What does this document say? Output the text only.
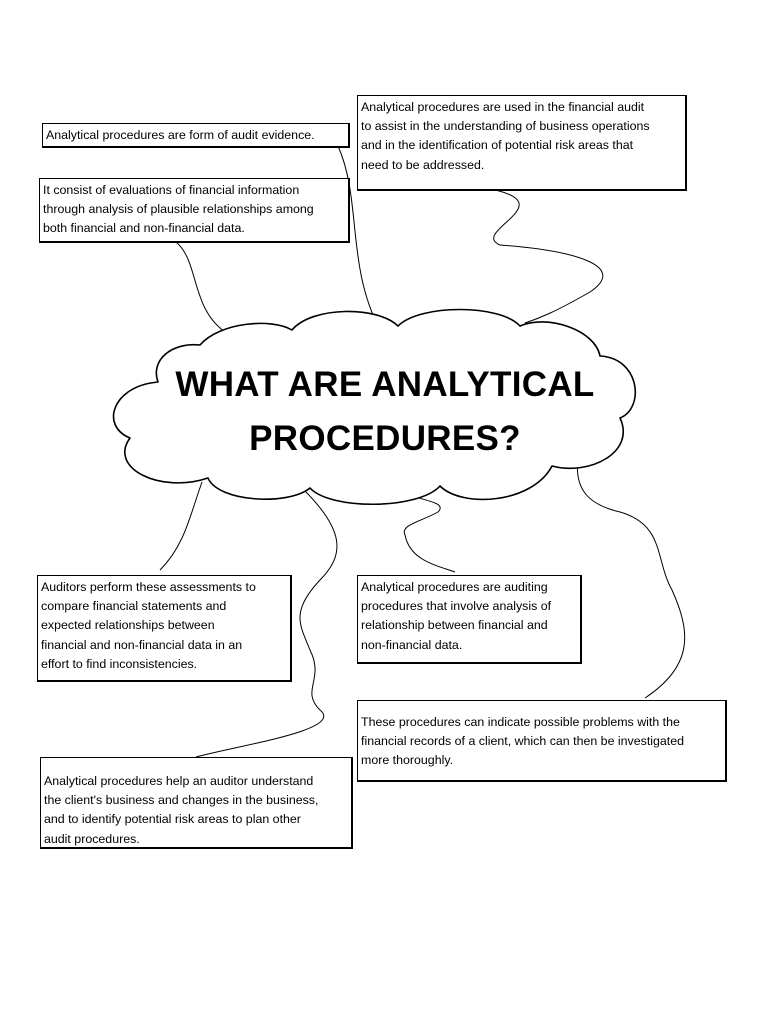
WHAT ARE ANALYTICAL
PROCEDURES?
Analytical procedures are form of audit evidence.
It consist of evaluations of financial information
through analysis of plausible relationships among
both financial and non-financial data.
Analytical procedures are used in the financial audit
to assist in the understanding of business operations
and in the identification of potential risk areas that
need to be addressed.
Auditors perform these assessments to
compare financial statements and
expected relationships between
financial and non-financial data in an
effort to find inconsistencies.
Analytical procedures are auditing
procedures that involve analysis of
relationship between financial and
non-financial data.
These procedures can indicate possible problems with the
financial records of a client, which can then be investigated
more thoroughly.
Analytical procedures help an auditor understand
the client's business and changes in the business,
and to identify potential risk areas to plan other
audit procedures.
